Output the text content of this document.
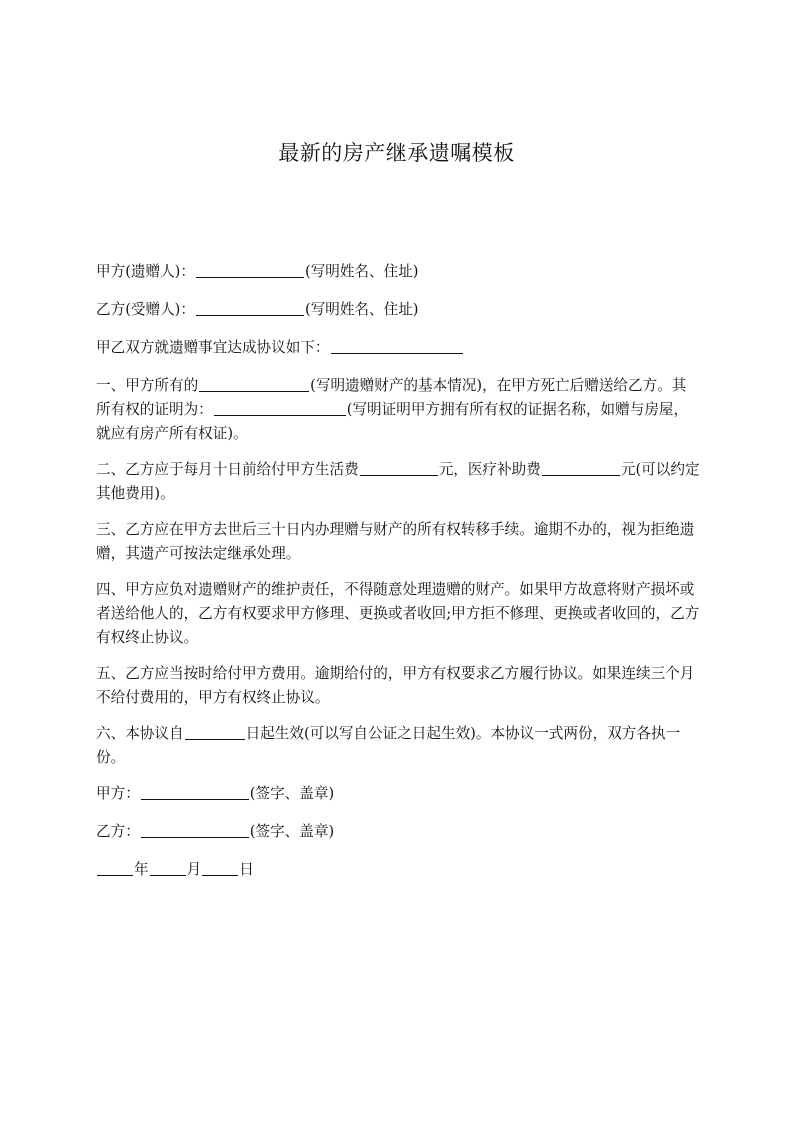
最新的房产继承遗嘱模板

甲方(遗赠人)：	(写明姓名、住址)

乙方(受赠人)：	(写明姓名、住址)

甲乙双方就遗赠事宜达成协议如下：

一、甲方所有的	(写明遗赠财产的基本情况)，在甲方死亡后赠送给乙方。其所有权的证明为：	(写明证明甲方拥有所有权的证据名称，如赠与房屋，就应有房产所有权证)。

二、乙方应于每月十日前给付甲方生活费	元，医疗补助费	元(可以约定其他费用)。

三、乙方应在甲方去世后三十日内办理赠与财产的所有权转移手续。逾期不办的，视为拒绝遗赠，其遗产可按法定继承处理。

四、甲方应负对遗赠财产的维护责任，不得随意处理遗赠的财产。如果甲方故意将财产损坏或者送给他人的，乙方有权要求甲方修理、更换或者收回;甲方拒不修理、更换或者收回的，乙方有权终止协议。

五、乙方应当按时给付甲方费用。逾期给付的，甲方有权要求乙方履行协议。如果连续三个月不给付费用的，甲方有权终止协议。

六、本协议自	日起生效(可以写自公证之日起生效)。本协议一式两份，双方各执一份。

甲方：	(签字、盖章)

乙方：	(签字、盖章)

年	月	日
